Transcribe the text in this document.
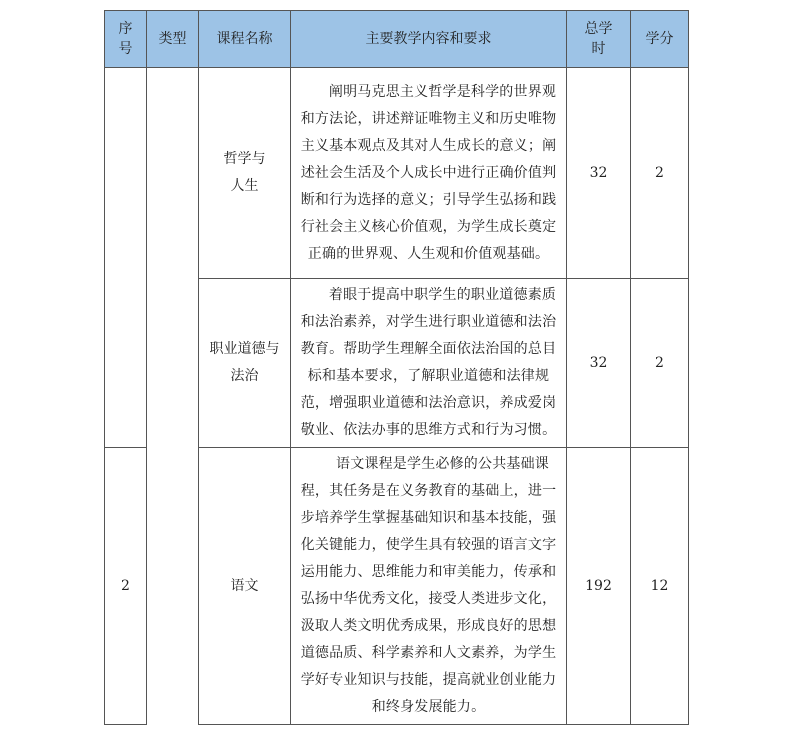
序号	类型	课程名称	主要教学内容和要求	总学时	学分
		哲学与人生	阐明马克思主义哲学是科学的世界观和方法论，讲述辩证唯物主义和历史唯物主义基本观点及其对人生成长的意义；阐述社会生活及个人成长中进行正确价值判断和行为选择的意义；引导学生弘扬和践行社会主义核心价值观，为学生成长奠定正确的世界观、人生观和价值观基础。	32	2
		职业道德与法治	着眼于提高中职学生的职业道德素质和法治素养，对学生进行职业道德和法治教育。帮助学生理解全面依法治国的总目标和基本要求，了解职业道德和法律规范，增强职业道德和法治意识，养成爱岗敬业、依法办事的思维方式和行为习惯。	32	2
2		语文	语文课程是学生必修的公共基础课程，其任务是在义务教育的基础上，进一步培养学生掌握基础知识和基本技能，强化关键能力，使学生具有较强的语言文字运用能力、思维能力和审美能力，传承和弘扬中华优秀文化，接受人类进步文化，汲取人类文明优秀成果，形成良好的思想道德品质、科学素养和人文素养，为学生学好专业知识与技能，提高就业创业能力和终身发展能力。	192	12
